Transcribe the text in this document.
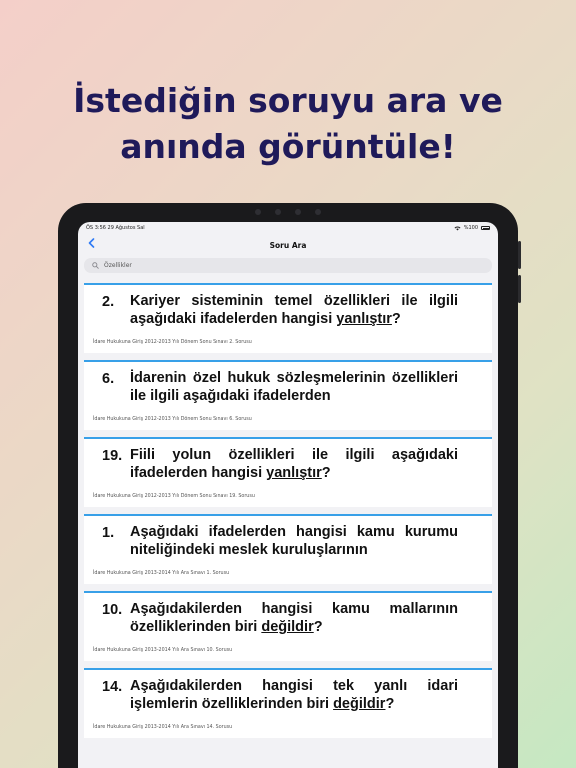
İstediğin soruyu ara ve
anında görüntüle!
ÖS 3:56 29 Ağustos Sal	%100
Soru Ara
Özellikler
2.	Kariyer sisteminin temel özellikleri ile ilgili aşağıdaki ifadelerden hangisi yanlıştır?
İdare Hukukuna Giriş 2012-2013 Yılı Dönem Sonu Sınavı 2. Sorusu
6.	İdarenin özel hukuk sözleşmelerinin özellikleri ile ilgili aşağıdaki ifadelerden
İdare Hukukuna Giriş 2012-2013 Yılı Dönem Sonu Sınavı 6. Sorusu
19. Fiili yolun özellikleri ile ilgili aşağıdaki ifadelerden hangisi yanlıştır?
İdare Hukukuna Giriş 2012-2013 Yılı Dönem Sonu Sınavı 19. Sorusu
1.	Aşağıdaki ifadelerden hangisi kamu kurumu niteliğindeki meslek kuruluşlarının
İdare Hukukuna Giriş 2013-2014 Yılı Ara Sınavı 1. Sorusu
10. Aşağıdakilerden hangisi kamu mallarının özelliklerinden biri değildir?
İdare Hukukuna Giriş 2013-2014 Yılı Ara Sınavı 10. Sorusu
14. Aşağıdakilerden hangisi tek yanlı idari işlemlerin özelliklerinden biri değildir?
İdare Hukukuna Giriş 2013-2014 Yılı Ara Sınavı 14. Sorusu
